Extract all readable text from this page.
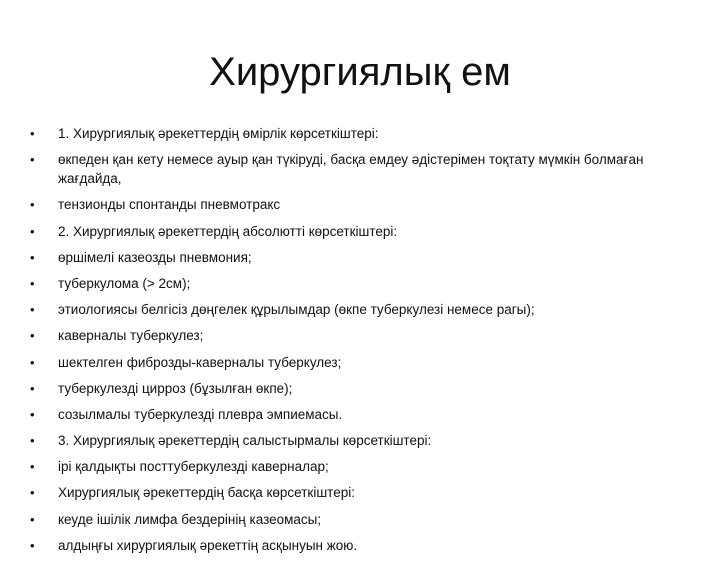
Хирургиялық ем
•	1. Хирургиялық әрекеттердің өмірлік көрсеткіштері:
•	өкпеден қан кету немесе ауыр қан түкіруді, басқа емдеу әдістерімен тоқтату мүмкін болмаған жағдайда,
•	тензионды спонтанды пневмотракс
•	2. Хирургиялық әрекеттердің абсолютті көрсеткіштері:
•	өршімелі казеозды пневмония;
•	туберкулома (> 2см);
•	этиологиясы белгісіз дөңгелек құрылымдар (өкпе туберкулезі немесе рагы);
•	каверналы туберкулез;
•	шектелген фиброзды-каверналы туберкулез;
•	туберкулезді цирроз (бұзылған өкпе);
•	созылмалы туберкулезді плевра эмпиемасы.
•	3. Хирургиялық әрекеттердің салыстырмалы көрсеткіштері:
•	ірі қалдықты посттуберкулезді каверналар;
•	Хирургиялық әрекеттердің басқа көрсеткіштері:
•	кеуде ішілік лимфа бездерінің казеомасы;
•	алдыңғы хирургиялық әрекеттің асқынуын жою.
